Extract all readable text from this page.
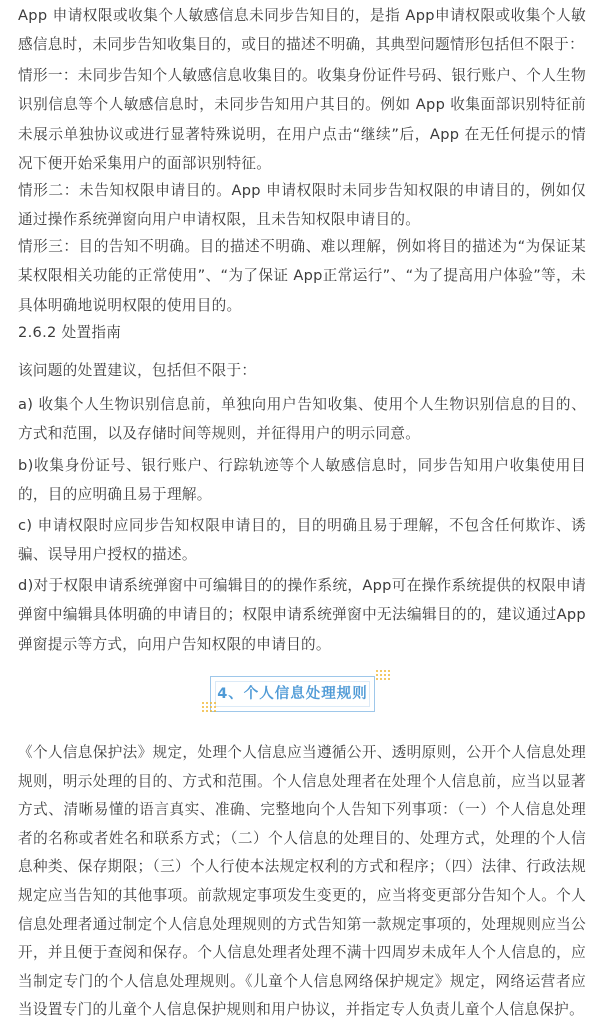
App 申请权限或收集个人敏感信息未同步告知目的，是指 App申请权限或收集个人敏感信息时，未同步告知收集目的，或目的描述不明确，其典型问题情形包括但不限于：

情形一：未同步告知个人敏感信息收集目的。收集身份证件号码、银行账户、个人生物识别信息等个人敏感信息时，未同步告知用户其目的。例如 App 收集面部识别特征前未展示单独协议或进行显著特殊说明，在用户点击“继续”后，App 在无任何提示的情况下便开始采集用户的面部识别特征。

情形二：未告知权限申请目的。App 申请权限时未同步告知权限的申请目的，例如仅通过操作系统弹窗向用户申请权限，且未告知权限申请目的。

情形三：目的告知不明确。目的描述不明确、难以理解，例如将目的描述为“为保证某某权限相关功能的正常使用”、“为了保证 App正常运行”、“为了提高用户体验”等，未具体明确地说明权限的使用目的。

2.6.2 处置指南

该问题的处置建议，包括但不限于：

a) 收集个人生物识别信息前，单独向用户告知收集、使用个人生物识别信息的目的、方式和范围，以及存储时间等规则，并征得用户的明示同意。

b)收集身份证号、银行账户、行踪轨迹等个人敏感信息时，同步告知用户收集使用目的，目的应明确且易于理解。

c) 申请权限时应同步告知权限申请目的，目的明确且易于理解，不包含任何欺诈、诱骗、误导用户授权的描述。

d)对于权限申请系统弹窗中可编辑目的的操作系统，App可在操作系统提供的权限申请弹窗中编辑具体明确的申请目的；权限申请系统弹窗中无法编辑目的的，建议通过App弹窗提示等方式，向用户告知权限的申请目的。

4、个人信息处理规则

《个人信息保护法》规定，处理个人信息应当遵循公开、透明原则，公开个人信息处理规则，明示处理的目的、方式和范围。个人信息处理者在处理个人信息前，应当以显著方式、清晰易懂的语言真实、准确、完整地向个人告知下列事项：（一）个人信息处理者的名称或者姓名和联系方式；（二）个人信息的处理目的、处理方式，处理的个人信息种类、保存期限；（三）个人行使本法规定权利的方式和程序；（四）法律、行政法规规定应当告知的其他事项。前款规定事项发生变更的，应当将变更部分告知个人。个人信息处理者通过制定个人信息处理规则的方式告知第一款规定事项的，处理规则应当公开，并且便于查阅和保存。个人信息处理者处理不满十四周岁未成年人个人信息的，应当制定专门的个人信息处理规则。《儿童个人信息网络保护规定》规定，网络运营者应当设置专门的儿童个人信息保护规则和用户协议，并指定专人负责儿童个人信息保护。
